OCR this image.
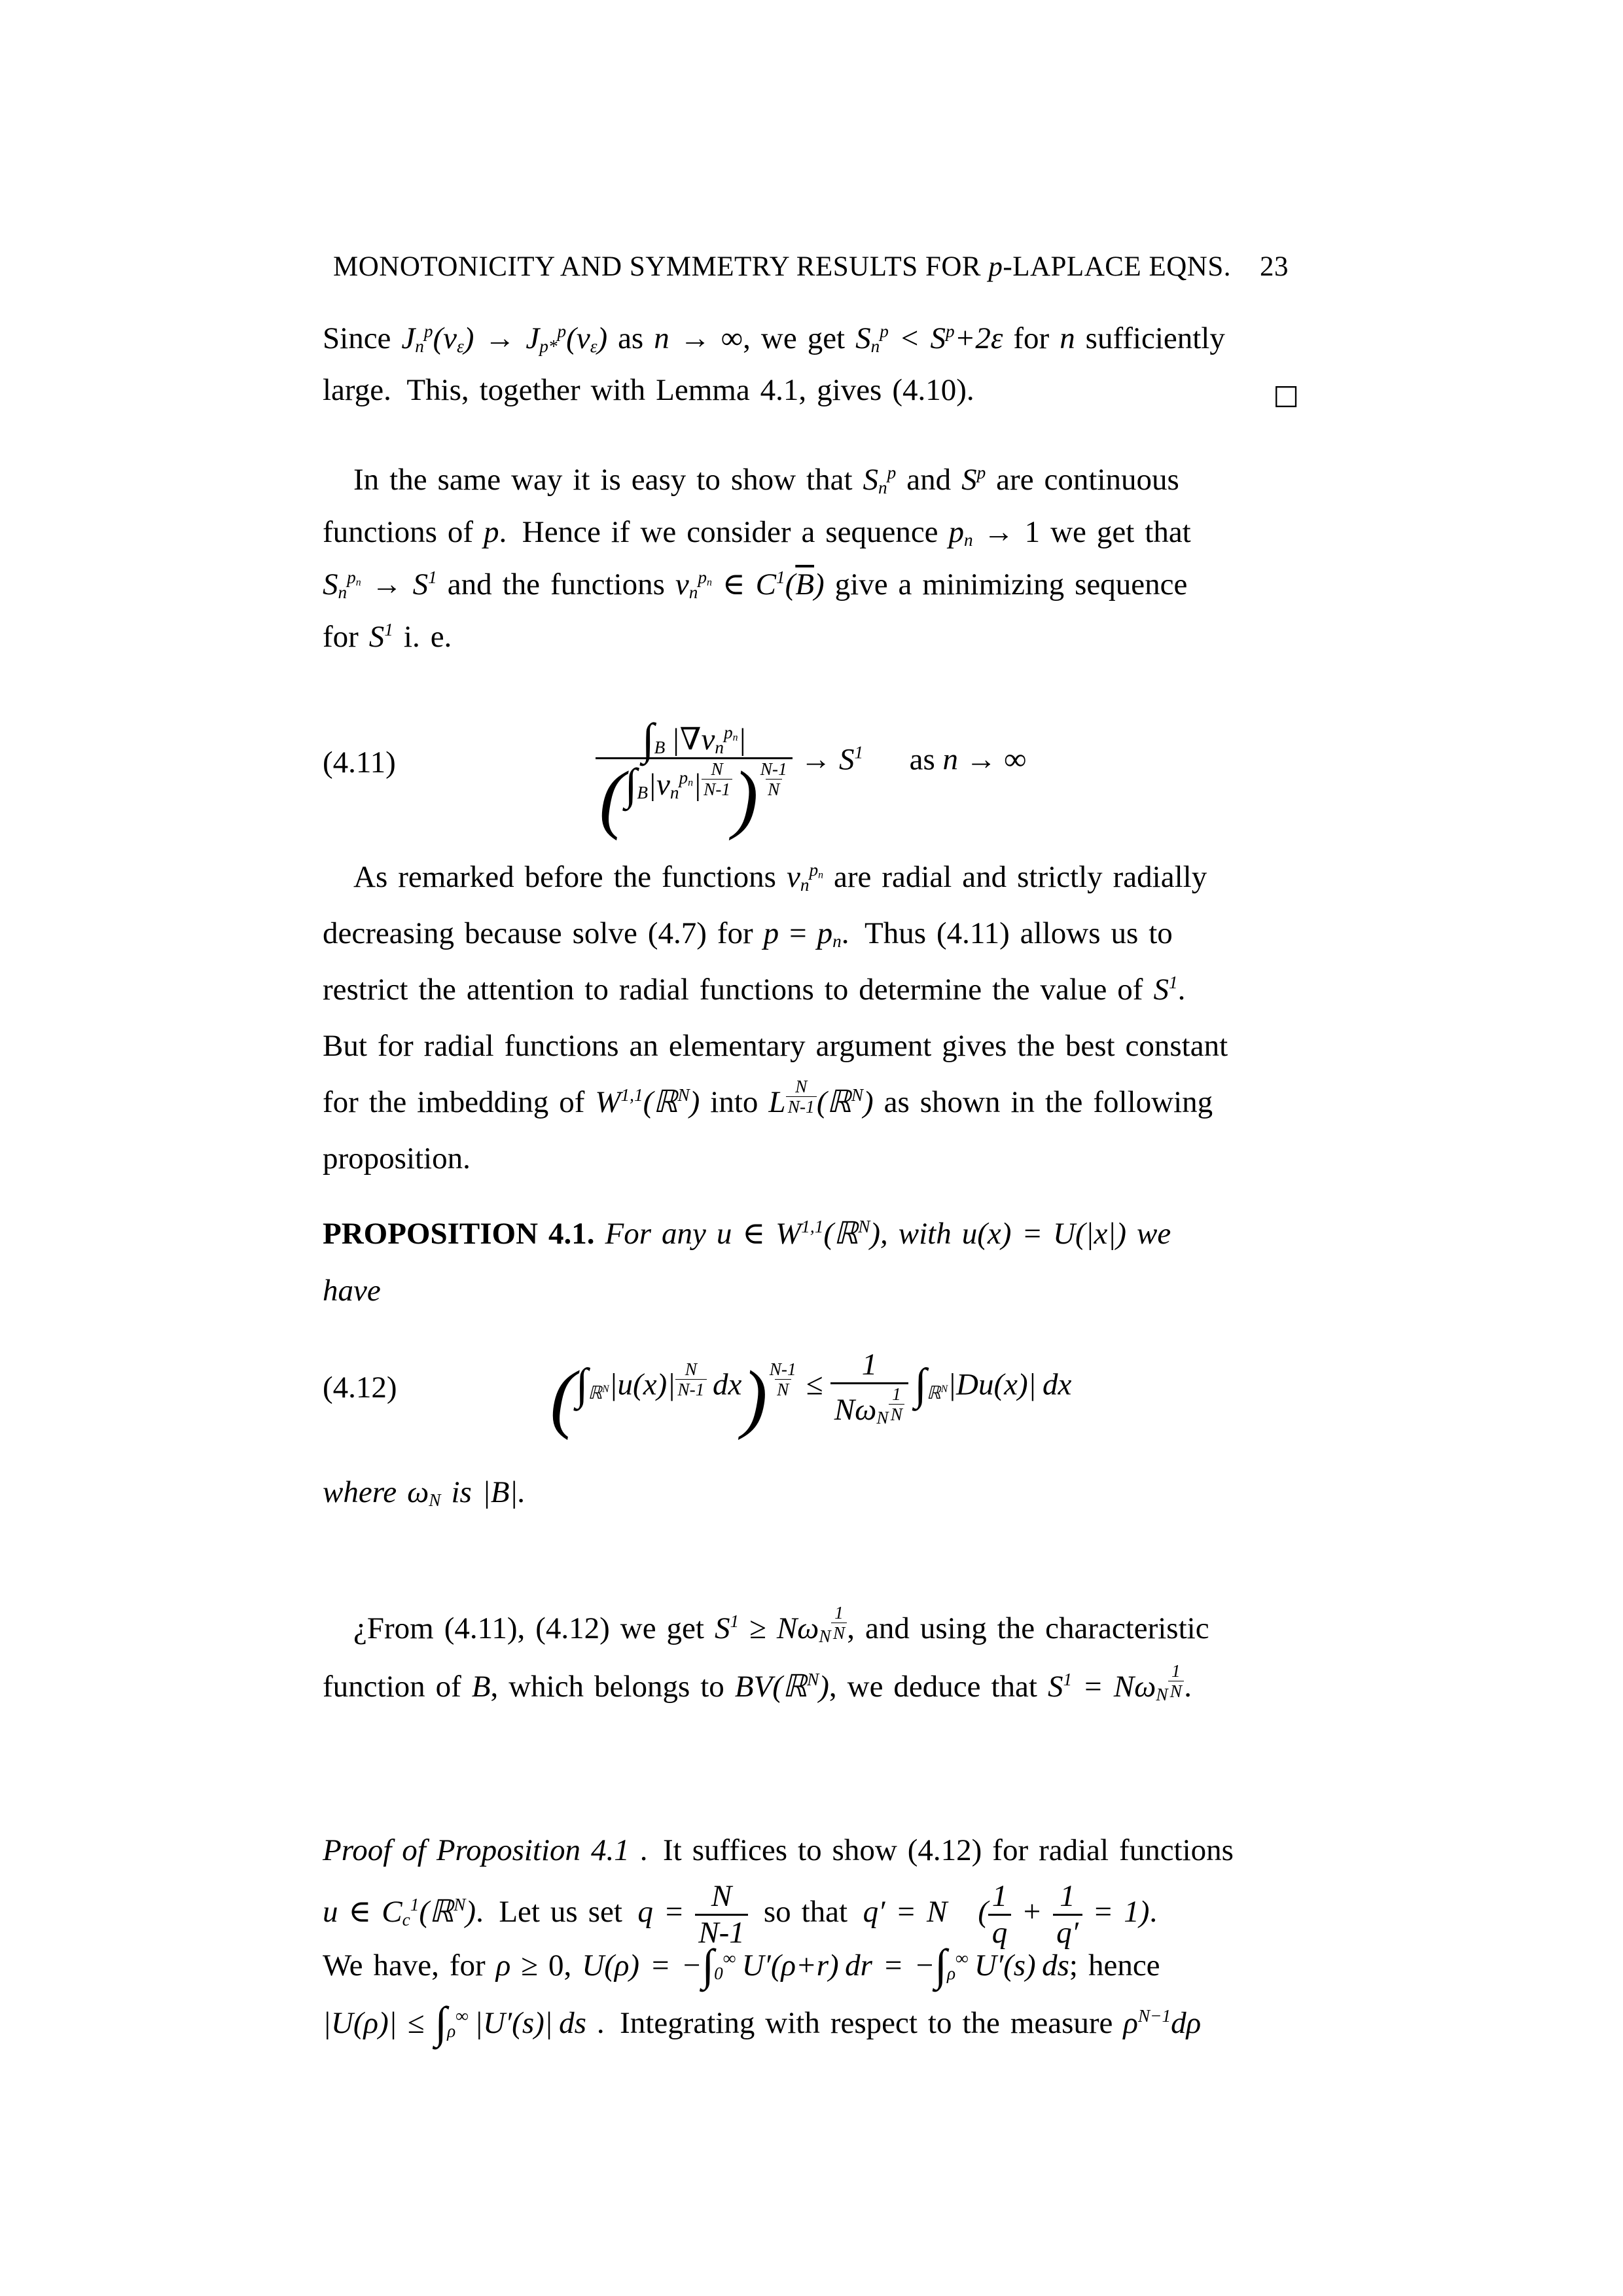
MONOTONICITY AND SYMMETRY RESULTS FOR p-LAPLACE EQNS. 23
Since $J_n^p(v_\varepsilon) \to J_{p*}^p(v_\varepsilon)$ as n → ∞, we get $S_n^p < S^p+2\varepsilon$ for n sufficiently
large. This, together with Lemma 4.1, gives (4.10).	□
In the same way it is easy to show that $S_n^p$ and $S^p$ are continuous
functions of p. Hence if we consider a sequence $p_n \to 1$ we get that
$S_n^{p_n} \to S^1$ and the functions $v_n^{p_n}$ ∈ $C^1(\overline{B})$ give a minimizing sequence
for $S^1$ i. e.
(4.11)	$\int_B$ $|\nabla v_n^{p_n}|$
($\int_B|v_n^{p_n}|$ $^{\frac{N}{N-1}}$ ) $^{\frac{N-1}{N}} \to S^1$   as n → ∞
As remarked before the functions $v_n^{p_n}$ are radial and strictly radially
decreasing because solve (4.7) for $p = p_n$. Thus (4.11) allows us to
restrict the attention to radial functions to determine the value of $S^1$.
But for radial functions an elementary argument gives the best constant
for the imbedding of W$^{1,1}$(ℝ$^N$) into L $^{\frac{N}{N-1}}$ (ℝ$^N$) as shown in the following
proposition.
PROPOSITION 4.1. For any u ∈ W$^{1,1}$(ℝ$^N$), with u(x) = U(|x|) we
have
(4.12) ($\int_{ℝ^N}|u(x)|$ $^{\frac{N}{N-1}}$  dx) $^{\frac{N-1}{N}}$ ≤ 1
$N\omega_N$ $^{\frac{1}{N}}$
  $\int_{ℝ^N}|Du(x)|$ dx
where $\omega_N$ is |B|.
¿From (4.11), (4.12) we get $S^1 \ge N\omega_N$ $^{\frac{1}{N}}$ , and using the characteristic
function of B, which belongs to BV(ℝ$^N$), we deduce that $S^1 = N\omega_N$ $^{\frac{1}{N}}$ .
Proof of Proposition 4.1 . It suffices to show (4.12) for radial functions
u ∈ $C_c^1(ℝ^N)$. Let us set $q = \frac{N}{N-1}$  so that q′ = N   ( $\frac{1}{q} + \frac{1}{q'} = 1$).
We have, for ρ ≥ 0, $U(\rho) = -\int_0^\infty$ U′(ρ+r) dr = $-\int_\rho^\infty$ U′(s) ds; hence
$|U(\rho)| \le \int_\rho^\infty$ |U′(s)| ds . Integrating with respect to the measure $\rho^{N-1}d\rho$
